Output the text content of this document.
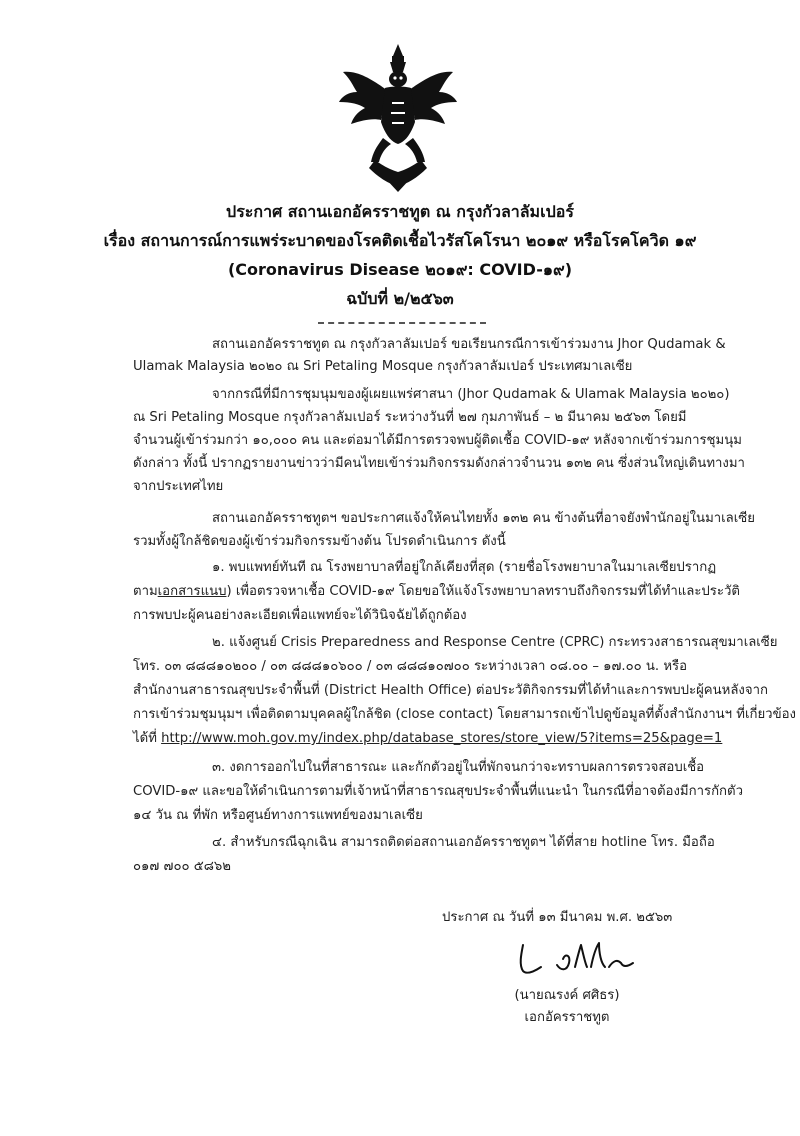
ประกาศ สถานเอกอัครราชทูต ณ กรุงกัวลาลัมเปอร์
เรื่อง สถานการณ์การแพร่ระบาดของโรคติดเชื้อไวรัสโคโรนา ๒๐๑๙ หรือโรคโควิด ๑๙
(Coronavirus Disease ๒๐๑๙: COVID-๑๙)
ฉบับที่ ๒/๒๕๖๓
สถานเอกอัครราชทูต ณ กรุงกัวลาลัมเปอร์ ขอเรียนกรณีการเข้าร่วมงาน Jhor Qudamak &
Ulamak Malaysia ๒๐๒๐ ณ Sri Petaling Mosque กรุงกัวลาลัมเปอร์ ประเทศมาเลเซีย
จากกรณีที่มีการชุมนุมของผู้เผยแพร่ศาสนา (Jhor Qudamak & Ulamak Malaysia ๒๐๒๐)
ณ Sri Petaling Mosque กรุงกัวลาลัมเปอร์ ระหว่างวันที่ ๒๗ กุมภาพันธ์ – ๒ มีนาคม ๒๕๖๓ โดยมี
จำนวนผู้เข้าร่วมกว่า ๑๐,๐๐๐ คน และต่อมาได้มีการตรวจพบผู้ติดเชื้อ COVID-๑๙ หลังจากเข้าร่วมการชุมนุม
ดังกล่าว ทั้งนี้ ปรากฏรายงานข่าวว่ามีคนไทยเข้าร่วมกิจกรรมดังกล่าวจำนวน ๑๓๒ คน ซึ่งส่วนใหญ่เดินทางมา
จากประเทศไทย
สถานเอกอัครราชทูตฯ ขอประกาศแจ้งให้คนไทยทั้ง ๑๓๒ คน ข้างต้นที่อาจยังพำนักอยู่ในมาเลเซีย
รวมทั้งผู้ใกล้ชิดของผู้เข้าร่วมกิจกรรมข้างต้น โปรดดำเนินการ ดังนี้
๑. พบแพทย์ทันที ณ โรงพยาบาลที่อยู่ใกล้เคียงที่สุด (รายชื่อโรงพยาบาลในมาเลเซียปรากฏ
ตามเอกสารแนบ) เพื่อตรวจหาเชื้อ COVID-๑๙ โดยขอให้แจ้งโรงพยาบาลทราบถึงกิจกรรมที่ได้ทำและประวัติ
การพบปะผู้คนอย่างละเอียดเพื่อแพทย์จะได้วินิจฉัยได้ถูกต้อง
๒. แจ้งศูนย์ Crisis Preparedness and Response Centre (CPRC) กระทรวงสาธารณสุขมาเลเซีย
โทร. ๐๓ ๘๘๘๑๐๒๐๐ / ๐๓ ๘๘๘๑๐๖๐๐ / ๐๓ ๘๘๘๑๐๗๐๐ ระหว่างเวลา ๐๘.๐๐ – ๑๗.๐๐ น. หรือ
สำนักงานสาธารณสุขประจำพื้นที่ (District Health Office) ต่อประวัติกิจกรรมที่ได้ทำและการพบปะผู้คนหลังจาก
การเข้าร่วมชุมนุมฯ เพื่อติดตามบุคคลผู้ใกล้ชิด (close contact) โดยสามารถเข้าไปดูข้อมูลที่ตั้งสำนักงานฯ ที่เกี่ยวข้อง
ได้ที่ http://www.moh.gov.my/index.php/database_stores/store_view/5?items=25&page=1
๓. งดการออกไปในที่สาธารณะ และกักตัวอยู่ในที่พักจนกว่าจะทราบผลการตรวจสอบเชื้อ
COVID-๑๙ และขอให้ดำเนินการตามที่เจ้าหน้าที่สาธารณสุขประจำพื้นที่แนะนำ ในกรณีที่อาจต้องมีการกักตัว
๑๔ วัน ณ ที่พัก หรือศูนย์ทางการแพทย์ของมาเลเซีย
๔. สำหรับกรณีฉุกเฉิน สามารถติดต่อสถานเอกอัครราชทูตฯ ได้ที่สาย hotline โทร. มือถือ
๐๑๗ ๗๐๐ ๕๘๖๒
ประกาศ ณ วันที่ ๑๓ มีนาคม พ.ศ. ๒๕๖๓
(นายณรงค์ ศศิธร)
เอกอัครราชทูต
